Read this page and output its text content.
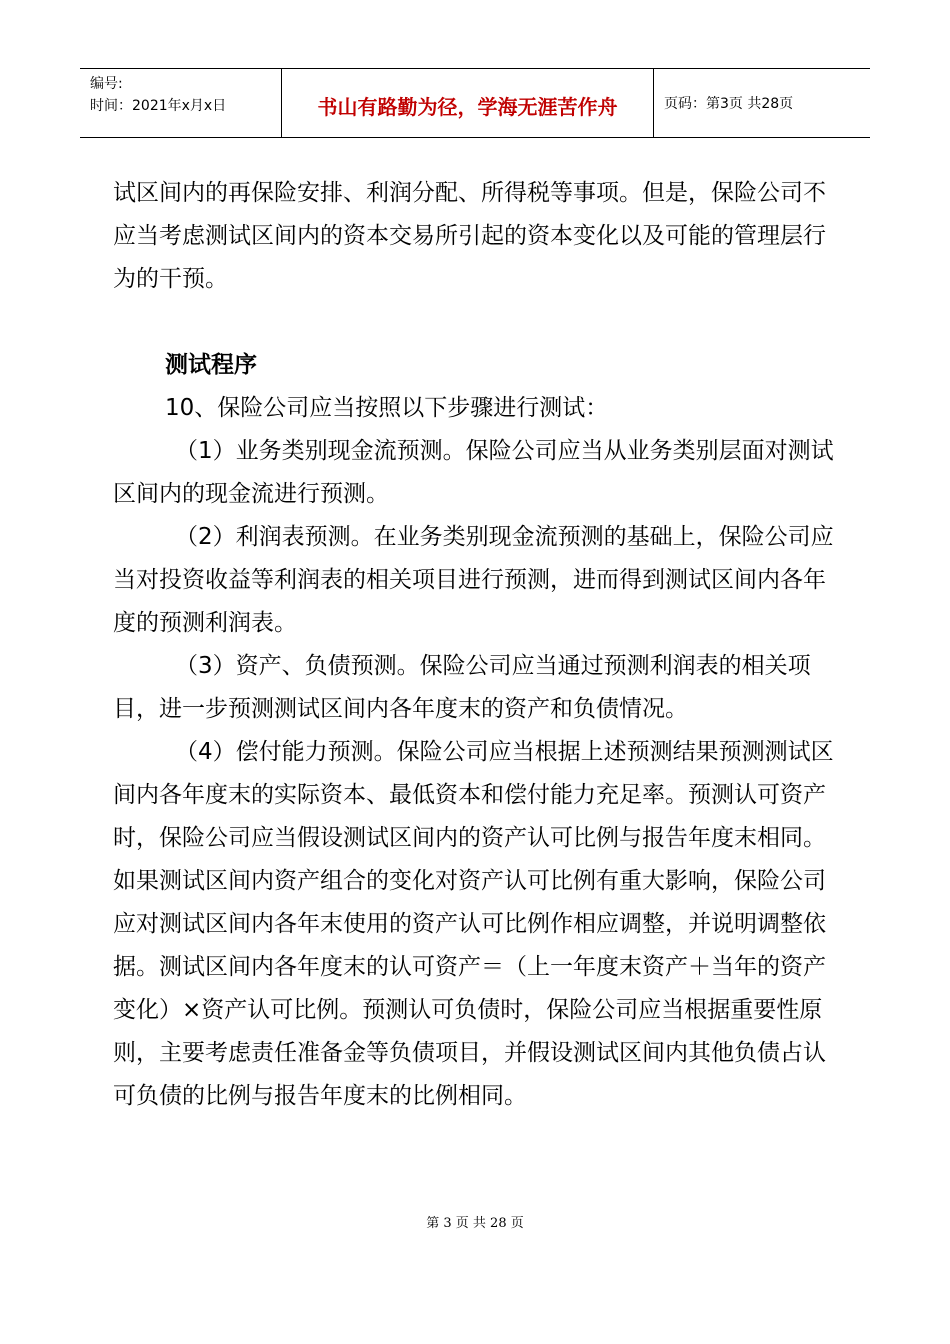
编号:
时间：2021年x月x日	书山有路勤为径，学海无涯苦作舟	页码：第3页 共28页

试区间内的再保险安排、利润分配、所得税等事项。但是，保险公司不应当考虑测试区间内的资本交易所引起的资本变化以及可能的管理层行为的干预。

测试程序

10、保险公司应当按照以下步骤进行测试：

（1）业务类别现金流预测。保险公司应当从业务类别层面对测试区间内的现金流进行预测。

（2）利润表预测。在业务类别现金流预测的基础上，保险公司应当对投资收益等利润表的相关项目进行预测，进而得到测试区间内各年度的预测利润表。

（3）资产、负债预测。保险公司应当通过预测利润表的相关项目，进一步预测测试区间内各年度末的资产和负债情况。

（4）偿付能力预测。保险公司应当根据上述预测结果预测测试区间内各年度末的实际资本、最低资本和偿付能力充足率。预测认可资产时，保险公司应当假设测试区间内的资产认可比例与报告年度末相同。如果测试区间内资产组合的变化对资产认可比例有重大影响，保险公司应对测试区间内各年末使用的资产认可比例作相应调整，并说明调整依据。测试区间内各年度末的认可资产＝（上一年度末资产＋当年的资产变化）×资产认可比例。预测认可负债时，保险公司应当根据重要性原则，主要考虑责任准备金等负债项目，并假设测试区间内其他负债占认可负债的比例与报告年度末的比例相同。

第 3 页 共 28 页
